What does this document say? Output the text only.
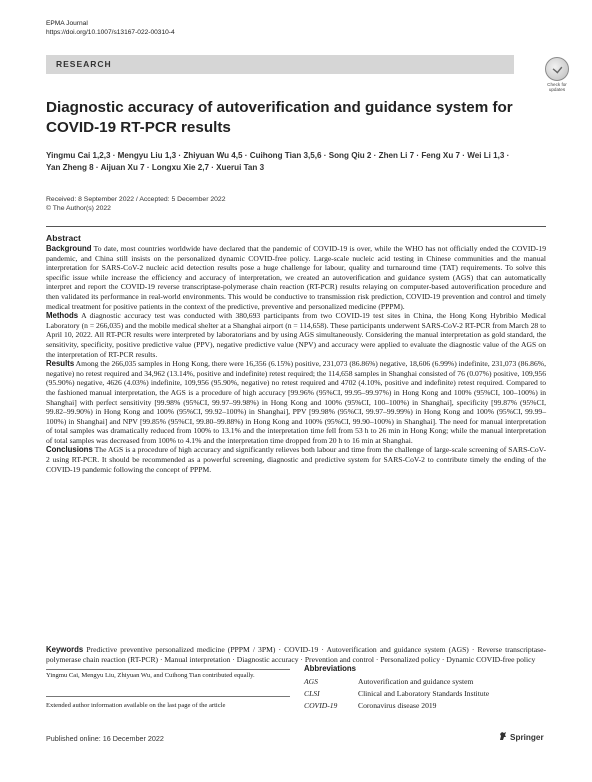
EPMA Journal
https://doi.org/10.1007/s13167-022-00310-4
RESEARCH
Check for updates
Diagnostic accuracy of autoverification and guidance system for COVID-19 RT-PCR results
Yingmu Cai 1,2,3 · Mengyu Liu 1,3 · Zhiyuan Wu 4,5 · Cuihong Tian 3,5,6 · Song Qiu 2 · Zhen Li 7 · Feng Xu 7 · Wei Li 1,3 ·
Yan Zheng 8 · Aijuan Xu 7 · Longxu Xie 2,7 · Xuerui Tan 3
Received: 8 September 2022 / Accepted: 5 December 2022
© The Author(s) 2022
Abstract

Background To date, most countries worldwide have declared that the pandemic of COVID-19 is over, while the WHO has not officially ended the COVID-19 pandemic, and China still insists on the personalized dynamic COVID-free policy. Large-scale nucleic acid testing in Chinese communities and the manual interpretation for SARS-CoV-2 nucleic acid detection results pose a huge challenge for labour, quality and turnaround time (TAT) requirements. To solve this specific issue while increase the efficiency and accuracy of interpretation, we created an autoverification and guidance system (AGS) that can automatically interpret and report the COVID-19 reverse transcriptase-polymerase chain reaction (RT-PCR) results relaying on computer-based autoverification procedure and then validated its performance in real-world environments. This would be conductive to transmission risk prediction, COVID-19 prevention and control and timely medical treatment for positive patients in the context of the predictive, preventive and personalized medicine (PPPM).

Methods A diagnostic accuracy test was conducted with 380,693 participants from two COVID-19 test sites in China, the Hong Kong Hybribio Medical Laboratory (n = 266,035) and the mobile medical shelter at a Shanghai airport (n = 114,658). These participants underwent SARS-CoV-2 RT-PCR from March 28 to April 10, 2022. All RT-PCR results were interpreted by laboratorians and by using AGS simultaneously. Considering the manual interpretation as gold standard, the sensitivity, specificity, positive predictive value (PPV), negative predictive value (NPV) and accuracy were applied to evaluate the diagnostic value of the AGS on the interpretation of RT-PCR results.

Results Among the 266,035 samples in Hong Kong, there were 16,356 (6.15%) positive, 231,073 (86.86%) negative, 18,606 (6.99%) indefinite, 231,073 (86.86%, negative) no retest required and 34,962 (13.14%, positive and indefinite) retest required; the 114,658 samples in Shanghai consisted of 76 (0.07%) positive, 109,956 (95.90%) negative, 4626 (4.03%) indefinite, 109,956 (95.90%, negative) no retest required and 4702 (4.10%, positive and indefinite) retest required. Compared to the fashioned manual interpretation, the AGS is a procedure of high accuracy [99.96% (95%CI, 99.95–99.97%) in Hong Kong and 100% (95%CI, 100–100%) in Shanghai] with perfect sensitivity [99.98% (95%CI, 99.97–99.98%) in Hong Kong and 100% (95%CI, 100–100%) in Shanghai], specificity [99.87% (95%CI, 99.82–99.90%) in Hong Kong and 100% (95%CI, 99.92–100%) in Shanghai], PPV [99.98% (95%CI, 99.97–99.99%) in Hong Kong and 100% (95%CI, 99.99–100%) in Shanghai] and NPV [99.85% (95%CI, 99.80–99.88%) in Hong Kong and 100% (95%CI, 99.90–100%) in Shanghai]. The need for manual interpretation of total samples was dramatically reduced from 100% to 13.1% and the interpretation time fell from 53 h to 26 min in Hong Kong; while the manual interpretation of total samples was decreased from 100% to 4.1% and the interpretation time dropped from 20 h to 16 min at Shanghai.

Conclusions The AGS is a procedure of high accuracy and significantly relieves both labour and time from the challenge of large-scale screening of SARS-CoV-2 using RT-PCR. It should be recommended as a powerful screening, diagnostic and predictive system for SARS-CoV-2 to contribute timely the ending of the COVID-19 pandemic following the concept of PPPM.

Keywords Predictive preventive personalized medicine (PPPM / 3PM) · COVID-19 · Autoverification and guidance system (AGS) · Reverse transcriptase-polymerase chain reaction (RT-PCR) · Manual interpretation · Diagnostic accuracy · Prevention and control · Personalized policy · Dynamic COVID-free policy
Yingmu Cai, Mengyu Liu, Zhiyuan Wu, and Cuihong Tian contributed equally.
Extended author information available on the last page of the article
Abbreviations
AGS	Autoverification and guidance system
CLSI	Clinical and Laboratory Standards Institute
COVID-19	Coronavirus disease 2019
Published online: 16 December 2022	Springer
